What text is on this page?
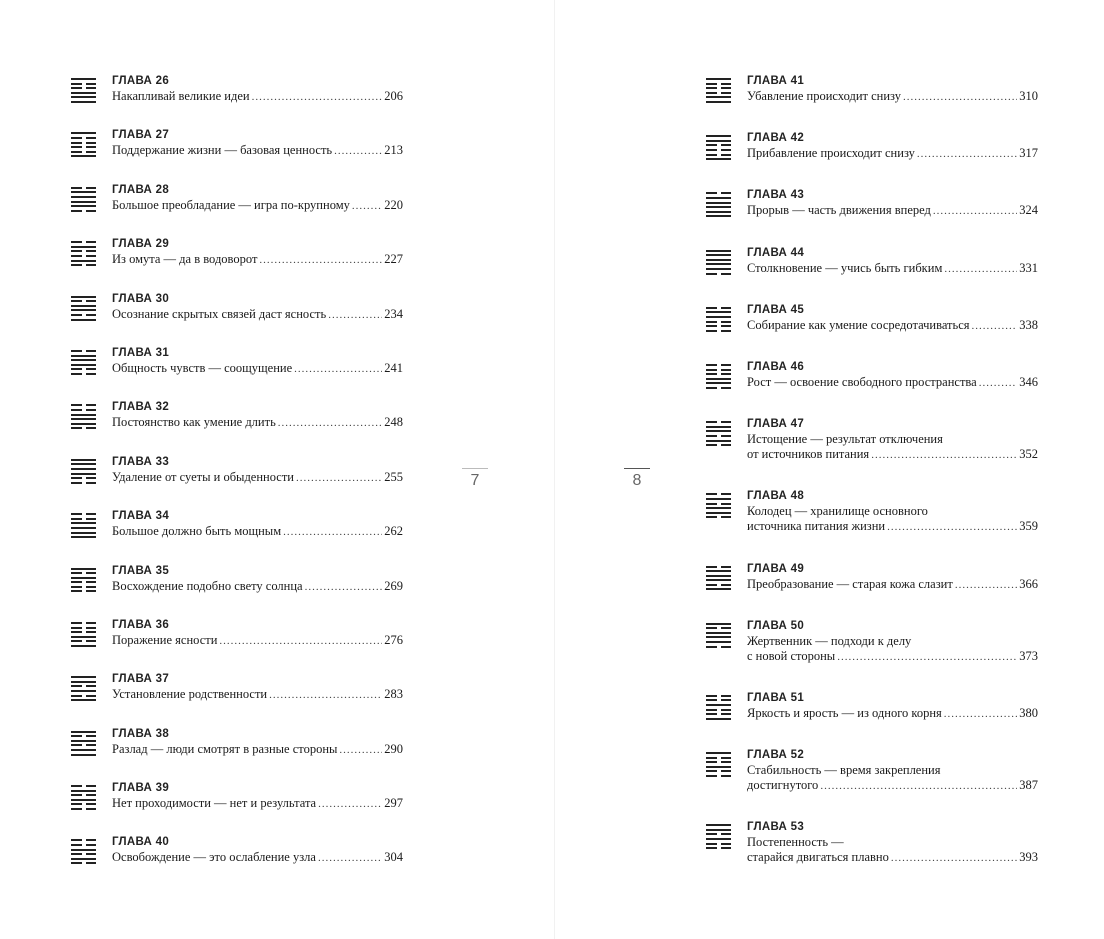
ГЛАВА 26
Накапливай великие идеи .....	206
ГЛАВА 27
Поддержание жизни — базовая ценность .....	213
ГЛАВА 28
Большое преобладание — игра по-крупному .....	220
ГЛАВА 29
Из омута — да в водоворот .....	227
ГЛАВА 30
Осознание скрытых связей даст ясность .....	234
ГЛАВА 31
Общность чувств — соощущение .....	241
ГЛАВА 32
Постоянство как умение длить .....	248
ГЛАВА 33
Удаление от суеты и обыденности .....	255
ГЛАВА 34
Большое должно быть мощным .....	262
ГЛАВА 35
Восхождение подобно свету солнца .....	269
ГЛАВА 36
Поражение ясности .....	276
ГЛАВА 37
Установление родственности .....	283
ГЛАВА 38
Разлад — люди смотрят в разные стороны .....	290
ГЛАВА 39
Нет проходимости — нет и результата .....	297
ГЛАВА 40
Освобождение — это ослабление узла .....	304
7
ГЛАВА 41
Убавление происходит снизу .....	310
ГЛАВА 42
Прибавление происходит снизу .....	317
ГЛАВА 43
Прорыв — часть движения вперед .....	324
ГЛАВА 44
Столкновение — учись быть гибким .....	331
ГЛАВА 45
Собирание как умение сосредотачиваться .....	338
ГЛАВА 46
Рост — освоение свободного пространства .....	346
ГЛАВА 47
Истощение — результат отключения
от источников питания .....	352
ГЛАВА 48
Колодец — хранилище основного
источника питания жизни .....	359
ГЛАВА 49
Преобразование — старая кожа слазит .....	366
ГЛАВА 50
Жертвенник — подходи к делу
с новой стороны .....	373
ГЛАВА 51
Яркость и ярость — из одного корня .....	380
ГЛАВА 52
Стабильность — время закрепления
достигнутого .....	387
ГЛАВА 53
Постепенность —
старайся двигаться плавно .....	393
8
